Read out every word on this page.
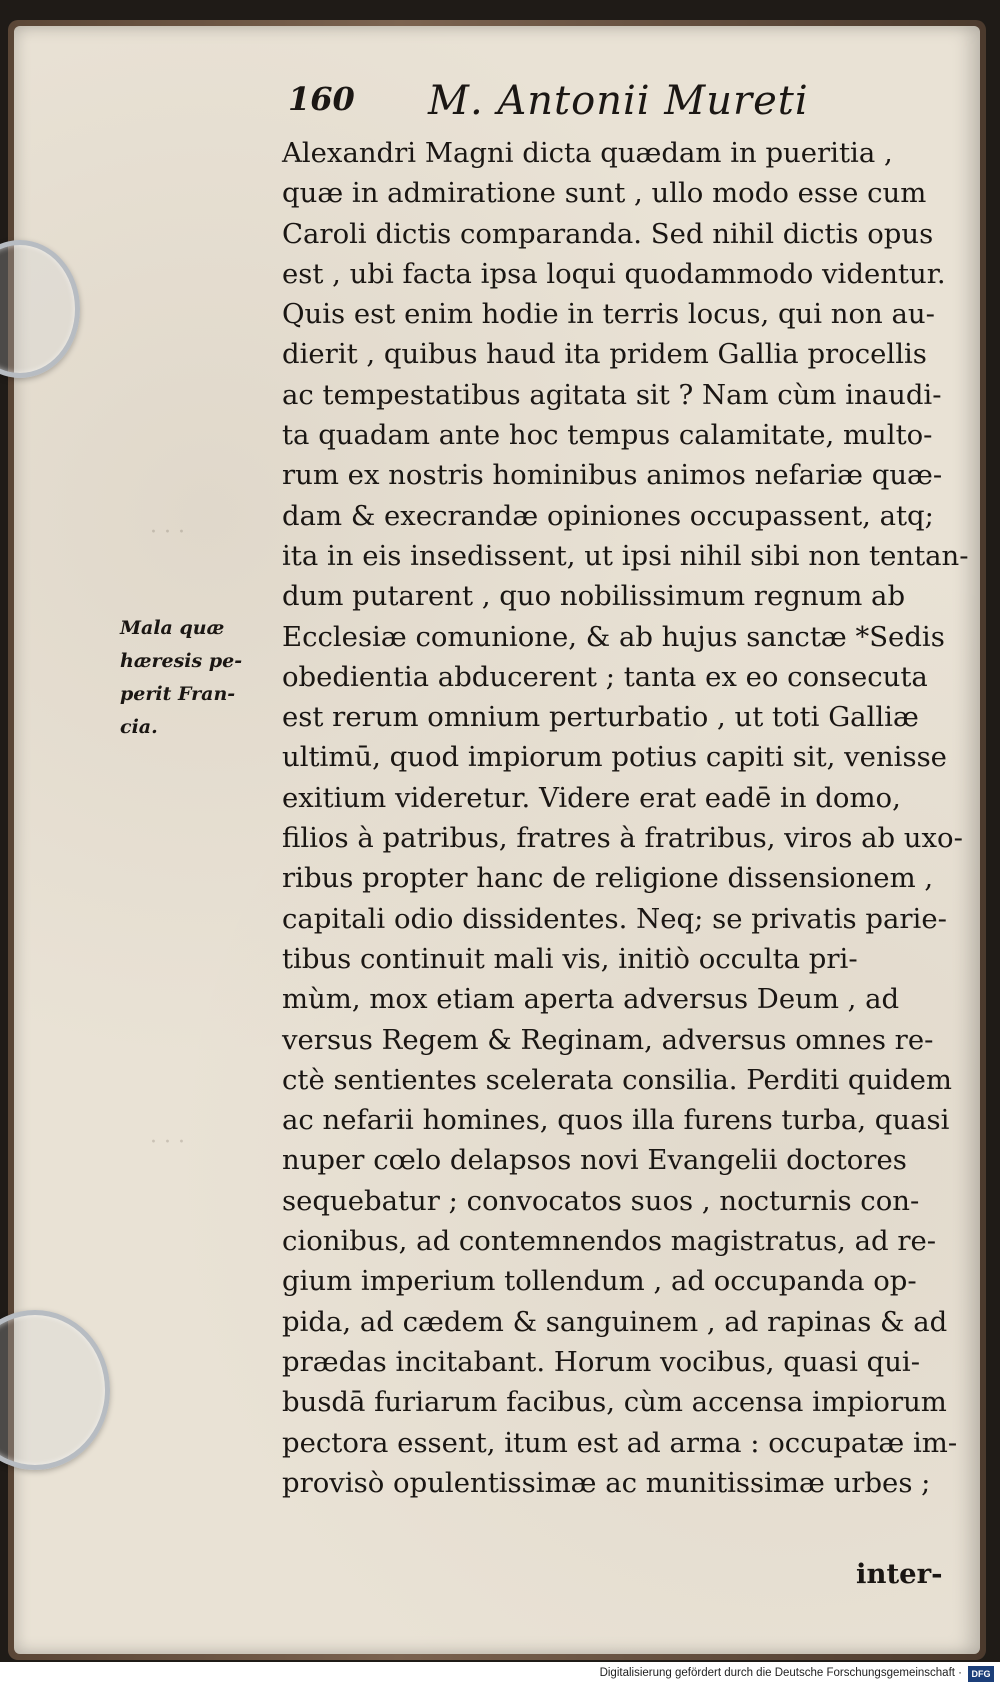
· · ·
· · ·
160 M. Antonii Mureti
Alexandri Magni dicta quædam in pueritia ,
quæ in admiratione sunt , ullo modo esse cum
Caroli dictis comparanda. Sed nihil dictis opus
est , ubi facta ipsa loqui quodammodo videntur.
Quis est enim hodie in terris locus, qui non au-
dierit , quibus haud ita pridem Gallia procellis
ac tempestatibus agitata sit ? Nam cùm inaudi-
ta quadam ante hoc tempus calamitate, multo-
rum ex nostris hominibus animos nefariæ quæ-
dam & execrandæ opiniones occupassent, atq;
ita in eis insedissent, ut ipsi nihil sibi non tentan-
dum putarent , quo nobilissimum regnum ab
Ecclesiæ comunione, & ab hujus sanctæ *Sedis
obedientia abducerent ; tanta ex eo consecuta
est rerum omnium perturbatio , ut toti Galliæ
ultimū, quod impiorum potius capiti sit, venisse
exitium videretur. Videre erat eadē in domo,
filios à patribus, fratres à fratribus, viros ab uxo-
ribus propter hanc de religione dissensionem ,
capitali odio dissidentes. Neq; se privatis parie-
tibus continuit mali vis, initiò occulta pri-
mùm, mox etiam aperta adversus Deum , ad
versus Regem & Reginam, adversus omnes re-
ctè sentientes scelerata consilia. Perditi quidem
ac nefarii homines, quos illa furens turba, quasi
nuper cœlo delapsos novi Evangelii doctores
sequebatur ; convocatos suos , nocturnis con-
cionibus, ad contemnendos magistratus, ad re-
gium imperium tollendum , ad occupanda op-
pida, ad cædem & sanguinem , ad rapinas & ad
prædas incitabant. Horum vocibus, quasi qui-
busdā furiarum facibus, cùm accensa impiorum
pectora essent, itum est ad arma : occupatæ im-
provisò opulentissimæ ac munitissimæ urbes ;
inter-
Mala quæ
hæresis pe-
perit Fran-
cia.
Digitalisierung gefördert durch die Deutsche Forschungsgemeinschaft ·	DFG
